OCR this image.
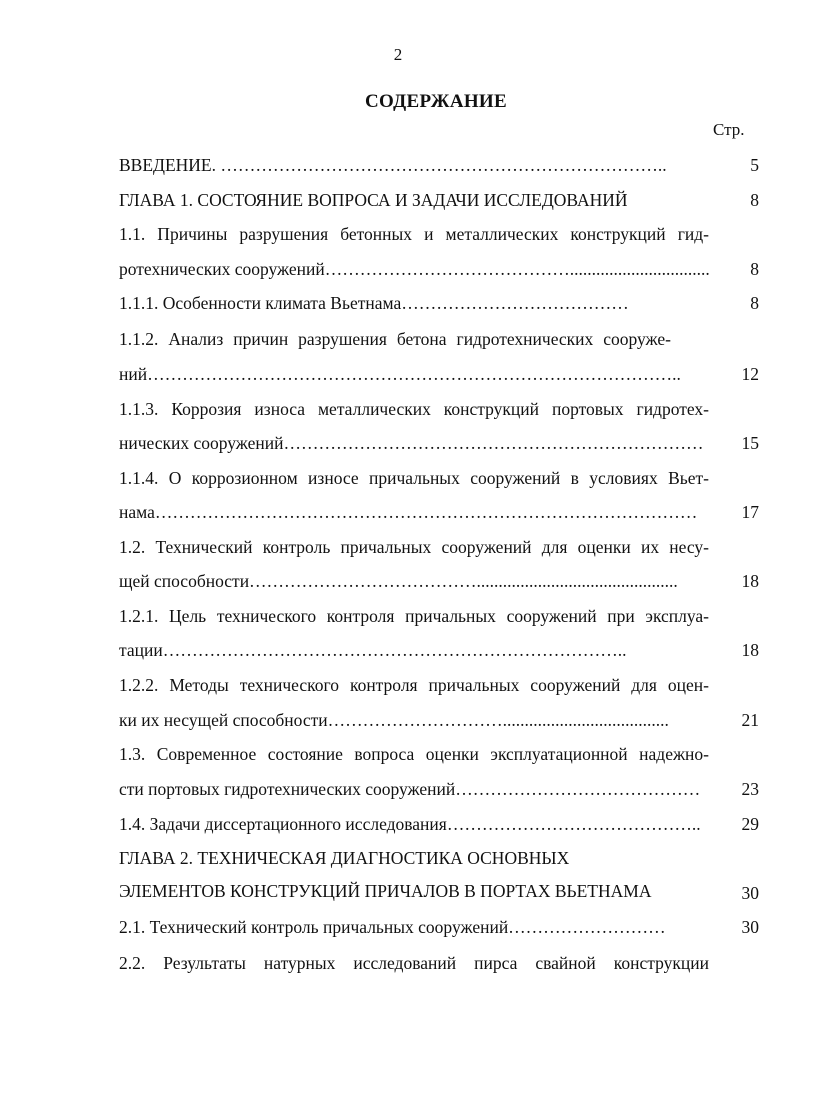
2
СОДЕРЖАНИЕ
Стр.
ВВЕДЕНИЕ. …………………………………………………………………..	5
ГЛАВА 1. СОСТОЯНИЕ ВОПРОСА И ЗАДАЧИ ИССЛЕДОВАНИЙ	8
1.1. Причины разрушения бетонных и металлических конструкций гид-
ротехнических сооружений……………………………………................................	8
1.1.1. Особенности климата Вьетнама…………………………………	8
1.1.2. Анализ причин разрушения бетона гидротехнических сооруже-
ний………………………………………………………………………………..	12
1.1.3. Коррозия износа металлических конструкций портовых гидротех-
нических сооружений………………………………………………………………	15
1.1.4. О коррозионном износе причальных сооружений в условиях Вьет-
нама…………………………………………………………………………………	17
1.2. Технический контроль причальных сооружений для оценки их несу-
щей способности…………………………………..............................................	18
1.2.1. Цель технического контроля причальных сооружений при эксплуа-
тации……………………………………………………………………..	18
1.2.2. Методы технического контроля причальных сооружений для оцен-
ки их несущей способности…………………………......................................	21
1.3. Современное состояние вопроса оценки эксплуатационной надежно-
сти портовых гидротехнических сооружений……………………………………	23
1.4. Задачи диссертационного исследования……………………………………..	29
ГЛАВА 2. ТЕХНИЧЕСКАЯ ДИАГНОСТИКА ОСНОВНЫХ
ЭЛЕМЕНТОВ КОНСТРУКЦИЙ ПРИЧАЛОВ В ПОРТАХ ВЬЕТНАМА	30
2.1. Технический контроль причальных сооружений………………………	30
2.2. Результаты натурных исследований пирса свайной конструкции
